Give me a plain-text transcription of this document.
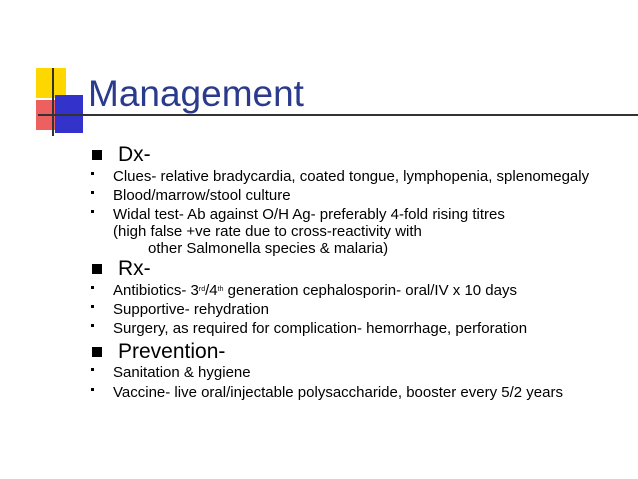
Management
Dx-
Clues- relative bradycardia, coated tongue, lymphopenia, splenomegaly
Blood/marrow/stool culture
Widal test- Ab against O/H Ag- preferably 4-fold rising titres
(high false +ve rate due to cross-reactivity with
other Salmonella species & malaria)
Rx-
Antibiotics- 3rd/4th generation cephalosporin- oral/IV x 10 days
Supportive- rehydration
Surgery, as required for complication- hemorrhage, perforation
Prevention-
Sanitation & hygiene
Vaccine- live oral/injectable polysaccharide, booster every 5/2 years
